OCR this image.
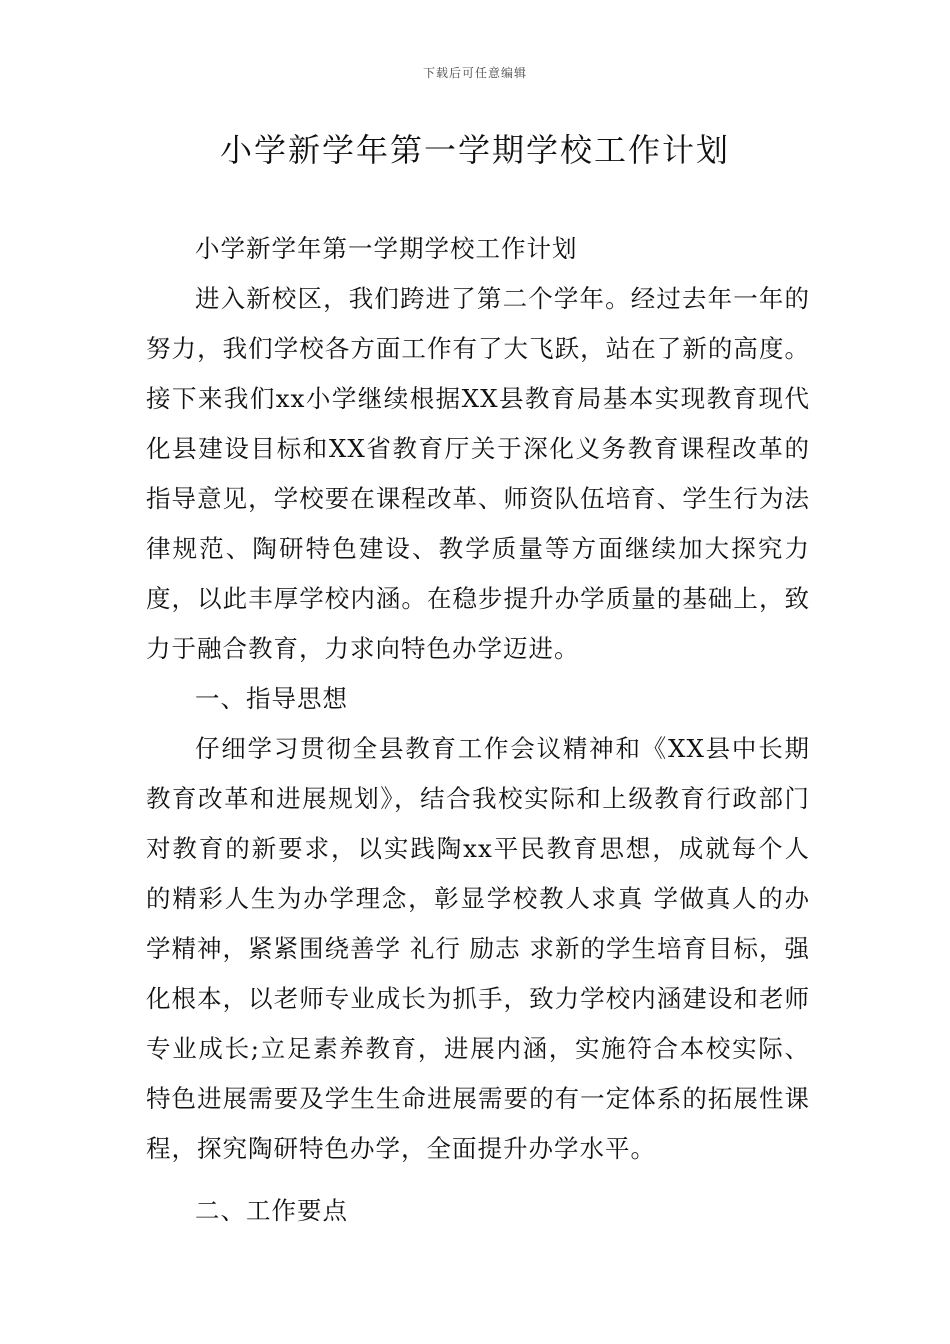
下载后可任意编辑
小学新学年第一学期学校工作计划

小学新学年第一学期学校工作计划

进入新校区，我们跨进了第二个学年。经过去年一年的努力，我们学校各方面工作有了大飞跃，站在了新的高度。接下来我们xx小学继续根据XX县教育局基本实现教育现代化县建设目标和XX省教育厅关于深化义务教育课程改革的指导意见，学校要在课程改革、师资队伍培育、学生行为法律规范、陶研特色建设、教学质量等方面继续加大探究力度，以此丰厚学校内涵。在稳步提升办学质量的基础上，致力于融合教育，力求向特色办学迈进。

一、指导思想

仔细学习贯彻全县教育工作会议精神和《XX县中长期教育改革和进展规划》，结合我校实际和上级教育行政部门对教育的新要求，以实践陶xx平民教育思想，成就每个人的精彩人生为办学理念，彰显学校教人求真 学做真人的办学精神，紧紧围绕善学 礼行 励志 求新的学生培育目标，强化根本，以老师专业成长为抓手，致力学校内涵建设和老师专业成长;立足素养教育，进展内涵，实施符合本校实际、特色进展需要及学生生命进展需要的有一定体系的拓展性课程，探究陶研特色办学，全面提升办学水平。

二、工作要点
